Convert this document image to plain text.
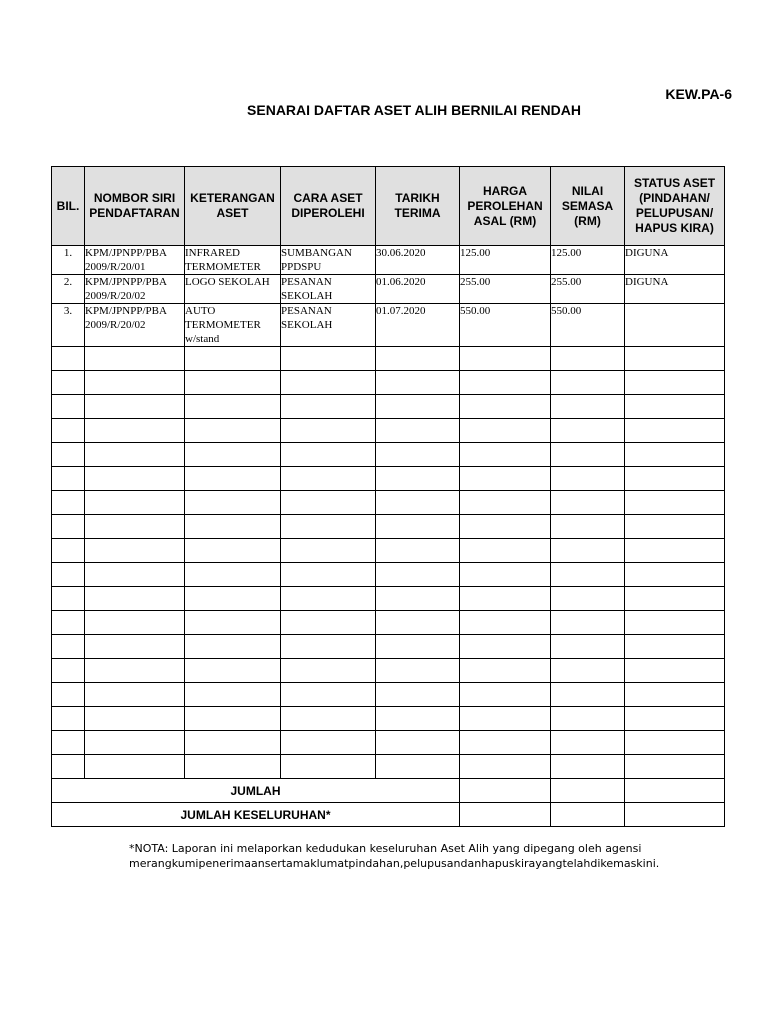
KEW.PA-6
SENARAI DAFTAR ASET ALIH BERNILAI RENDAH
BIL.	NOMBOR SIRI PENDAFTARAN	KETERANGAN ASET	CARA ASET DIPEROLEHI	TARIKH TERIMA	HARGA PEROLEHAN ASAL (RM)	NILAI SEMASA (RM)	STATUS ASET (PINDAHAN/ PELUPUSAN/ HAPUS KIRA)
1.	KPM/JPNPP/PBA 2009/R/20/01	INFRARED TERMOMETER	SUMBANGAN PPDSPU	30.06.2020	125.00	125.00	DIGUNA
2.	KPM/JPNPP/PBA 2009/R/20/02	LOGO SEKOLAH	PESANAN SEKOLAH	01.06.2020	255.00	255.00	DIGUNA
3.	KPM/JPNPP/PBA 2009/R/20/02	AUTO TERMOMETER w/stand	PESANAN SEKOLAH	01.07.2020	550.00	550.00	

JUMLAH							
JUMLAH KESELURUHAN*							
*NOTA: Laporan ini melaporkan kedudukan keseluruhan Aset Alih yang dipegang oleh agensi
merangkumipenerimaansertamaklumatpindahan,pelupusandanhapuskirayangtelahdikemaskini.
